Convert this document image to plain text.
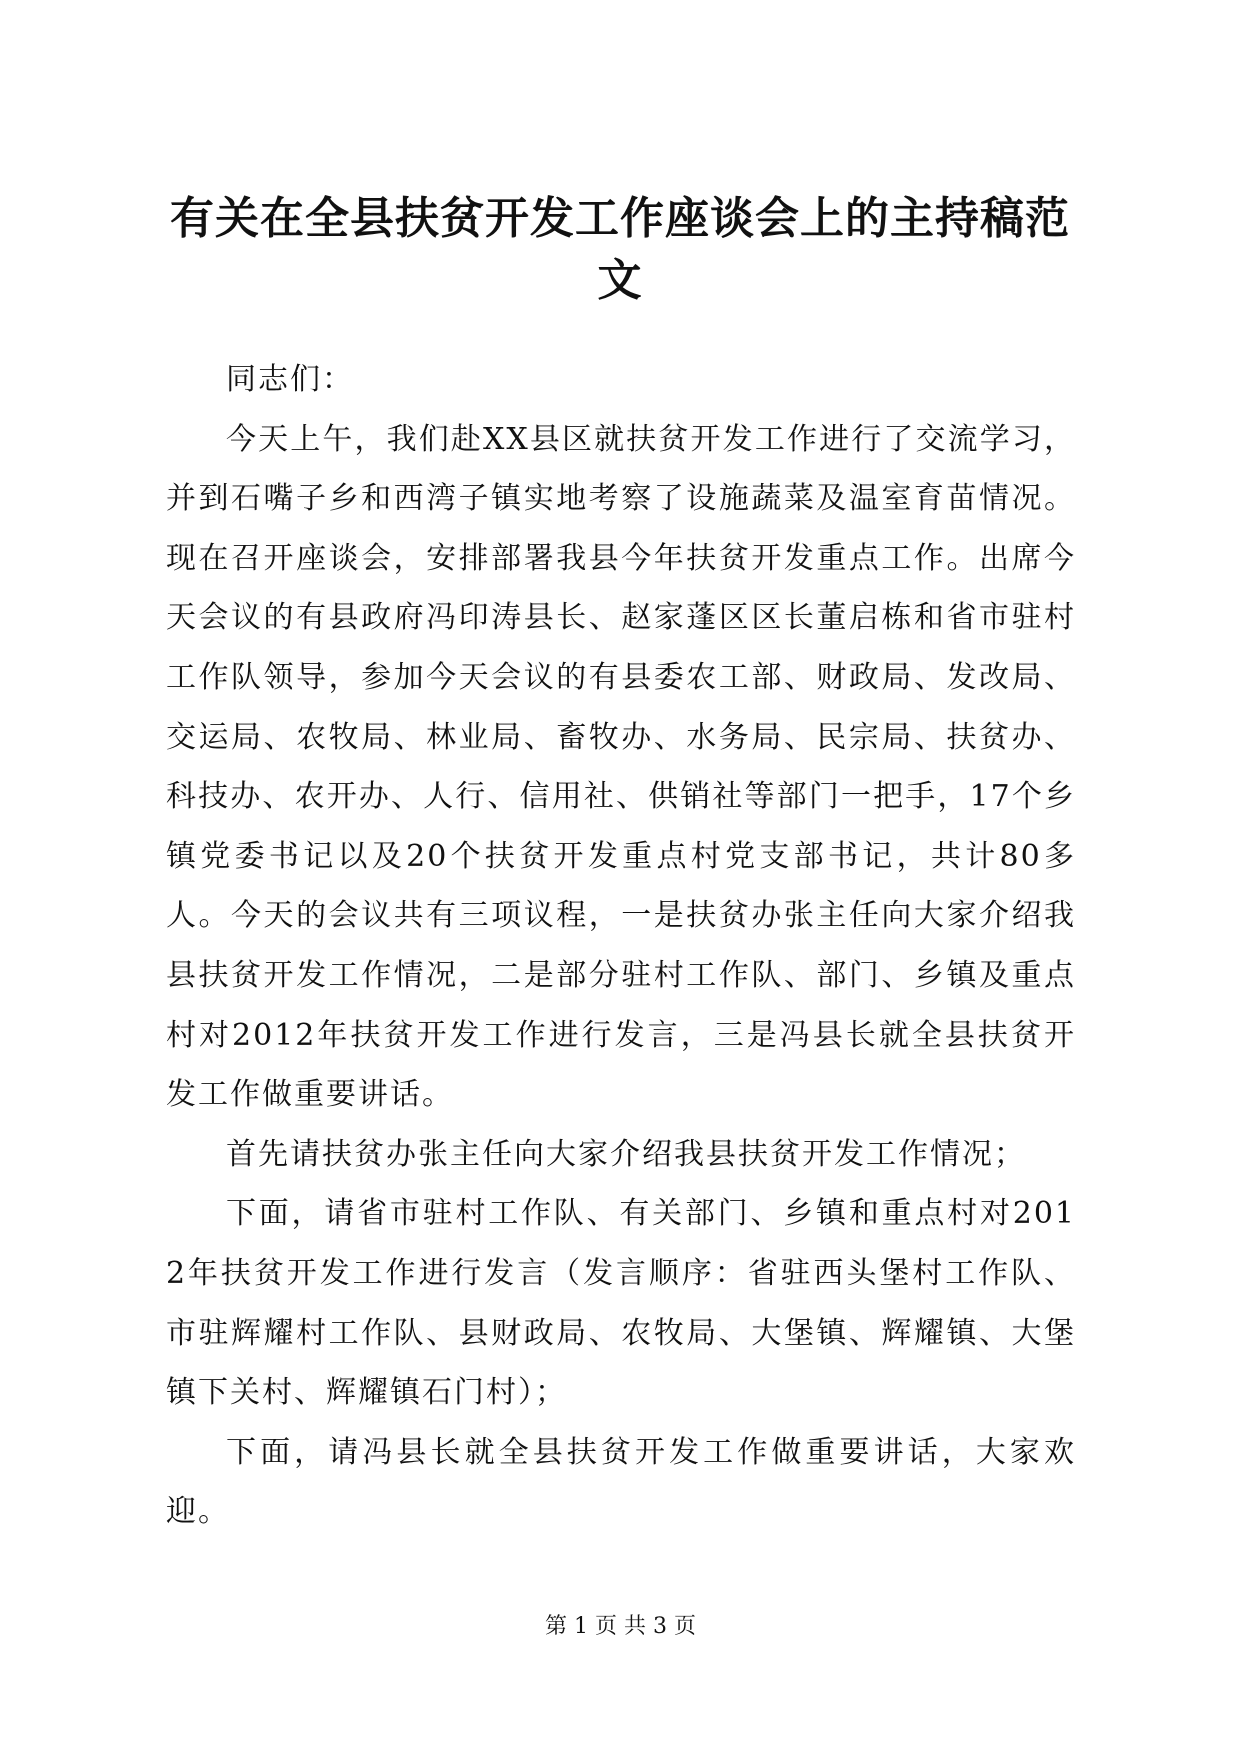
有关在全县扶贫开发工作座谈会上的主持稿范文

同志们：

今天上午，我们赴XX县区就扶贫开发工作进行了交流学习，并到石嘴子乡和西湾子镇实地考察了设施蔬菜及温室育苗情况。现在召开座谈会，安排部署我县今年扶贫开发重点工作。出席今天会议的有县政府冯印涛县长、赵家蓬区区长董启栋和省市驻村工作队领导，参加今天会议的有县委农工部、财政局、发改局、交运局、农牧局、林业局、畜牧办、水务局、民宗局、扶贫办、科技办、农开办、人行、信用社、供销社等部门一把手，17个乡镇党委书记以及20个扶贫开发重点村党支部书记，共计80多人。今天的会议共有三项议程，一是扶贫办张主任向大家介绍我县扶贫开发工作情况，二是部分驻村工作队、部门、乡镇及重点村对2012年扶贫开发工作进行发言，三是冯县长就全县扶贫开发工作做重要讲话。

首先请扶贫办张主任向大家介绍我县扶贫开发工作情况；

下面，请省市驻村工作队、有关部门、乡镇和重点村对2012年扶贫开发工作进行发言（发言顺序：省驻西头堡村工作队、市驻辉耀村工作队、县财政局、农牧局、大堡镇、辉耀镇、大堡镇下关村、辉耀镇石门村）；

下面，请冯县长就全县扶贫开发工作做重要讲话，大家欢迎。

第 1 页 共 3 页
